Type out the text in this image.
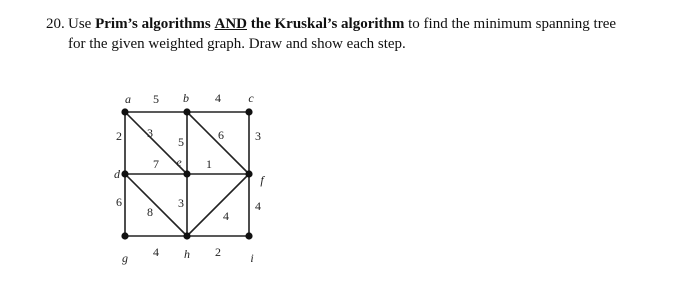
20. Use Prim’s algorithms AND the Kruskal’s algorithm to find the minimum spanning tree
for the given weighted graph. Draw and show each step.
5	4
2 3
5	6	3
7	1
6
8
3
4
4
4	2
a	b	c
d
e
f
g	h	i
